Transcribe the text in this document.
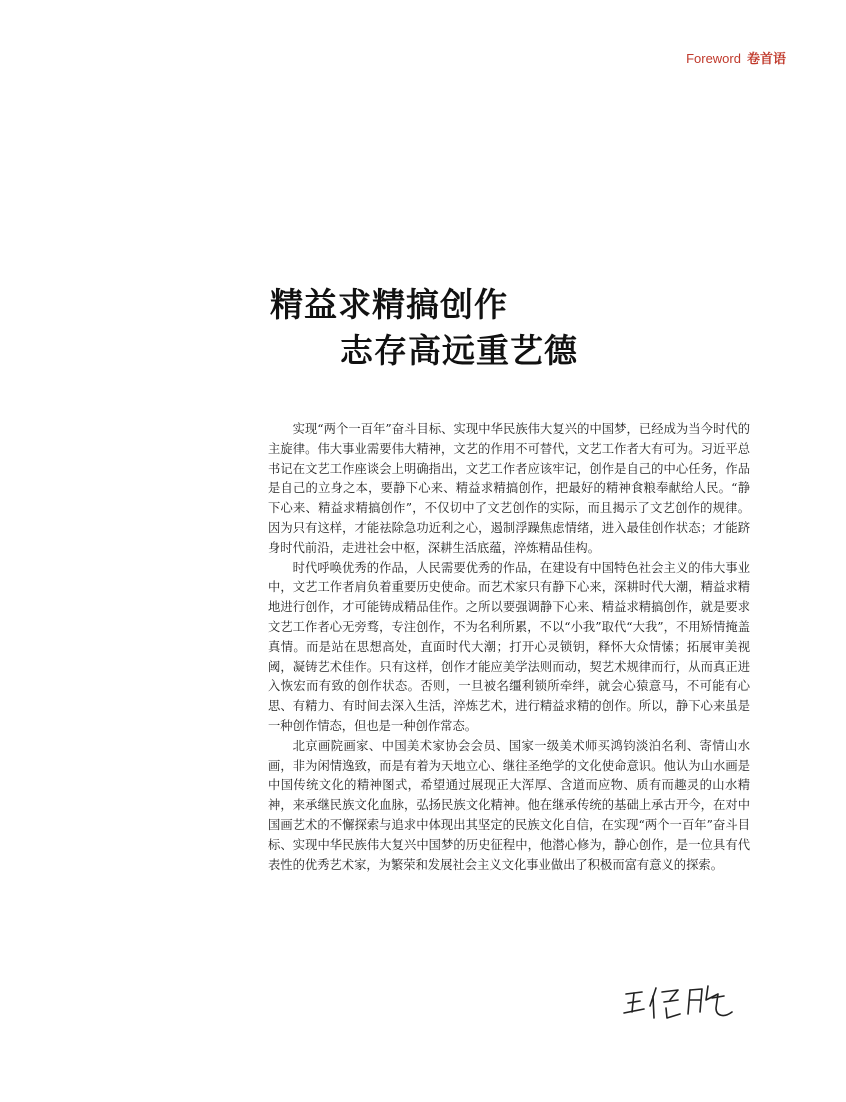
Foreword 卷首语
精益求精搞创作
志存高远重艺德

实现“两个一百年”奋斗目标、实现中华民族伟大复兴的中国梦，已经成为当今时代的主旋律。伟大事业需要伟大精神，文艺的作用不可替代，文艺工作者大有可为。习近平总书记在文艺工作座谈会上明确指出，文艺工作者应该牢记，创作是自己的中心任务，作品是自己的立身之本，要静下心来、精益求精搞创作，把最好的精神食粮奉献给人民。“静下心来、精益求精搞创作”，不仅切中了文艺创作的实际，而且揭示了文艺创作的规律。因为只有这样，才能祛除急功近利之心，遏制浮躁焦虑情绪，进入最佳创作状态；才能跻身时代前沿，走进社会中枢，深耕生活底蕴，淬炼精品佳构。

时代呼唤优秀的作品，人民需要优秀的作品，在建设有中国特色社会主义的伟大事业中，文艺工作者肩负着重要历史使命。而艺术家只有静下心来，深耕时代大潮，精益求精地进行创作，才可能铸成精品佳作。之所以要强调静下心来、精益求精搞创作，就是要求文艺工作者心无旁骛，专注创作，不为名利所累，不以“小我”取代“大我”，不用矫情掩盖真情。而是站在思想高处，直面时代大潮；打开心灵锁钥，释怀大众情愫；拓展审美视阈，凝铸艺术佳作。只有这样，创作才能应美学法则而动，契艺术规律而行，从而真正进入恢宏而有致的创作状态。否则，一旦被名缰利锁所牵绊，就会心猿意马，不可能有心思、有精力、有时间去深入生活，淬炼艺术，进行精益求精的创作。所以，静下心来虽是一种创作情态，但也是一种创作常态。

北京画院画家、中国美术家协会会员、国家一级美术师买鸿钧淡泊名利、寄情山水画，非为闲情逸致，而是有着为天地立心、继往圣绝学的文化使命意识。他认为山水画是中国传统文化的精神图式，希望通过展现正大浑厚、含道而应物、质有而趣灵的山水精神，来承继民族文化血脉，弘扬民族文化精神。他在继承传统的基础上承古开今，在对中国画艺术的不懈探索与追求中体现出其坚定的民族文化自信，在实现“两个一百年”奋斗目标、实现中华民族伟大复兴中国梦的历史征程中，他潜心修为，静心创作，是一位具有代表性的优秀艺术家，为繁荣和发展社会主义文化事业做出了积极而富有意义的探索。
